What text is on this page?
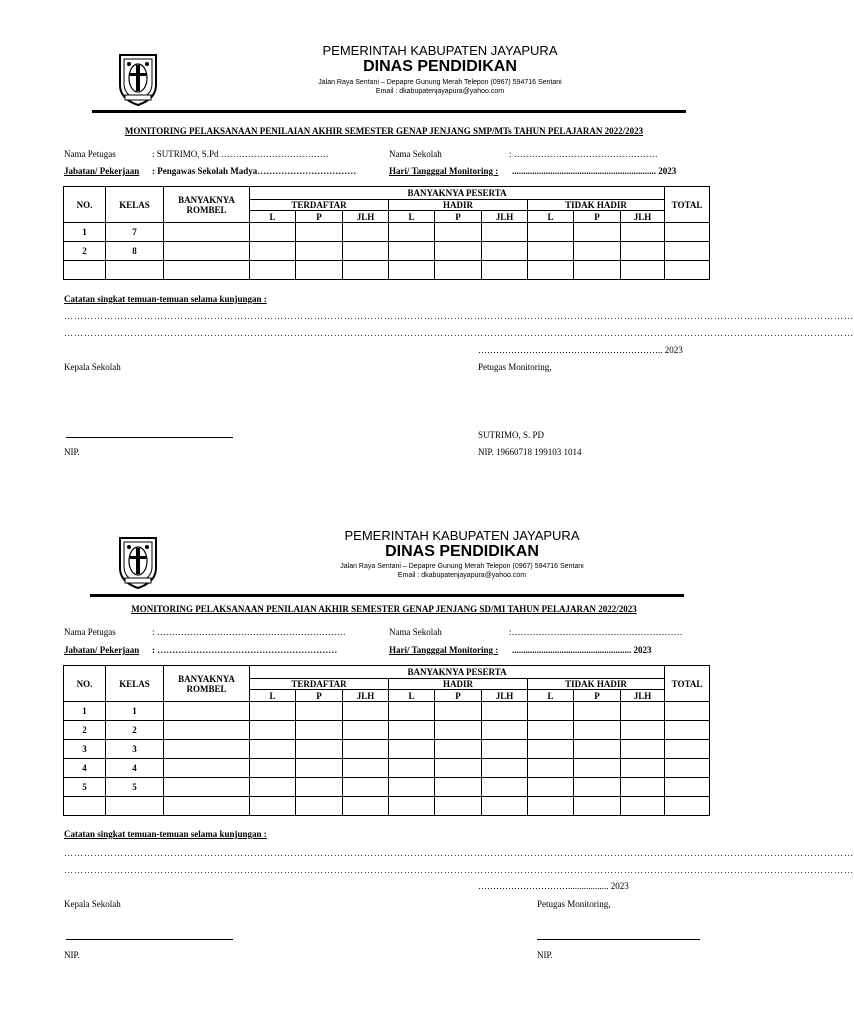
PEMERINTAH KABUPATEN JAYAPURA
DINAS PENDIDIKAN
Jalan Raya Sentani – Depapre Gunung Merah Telepon (0967) 594716 Sentani
Email : dkabupatenjayapura@yahoo.com
MONITORING PELAKSANAAN PENILAIAN AKHIR SEMESTER GENAP JENJANG SMP/MTs TAHUN PELAJARAN 2022/2023
Nama Petugas	: SUTRIMO, S.Pd ………………………………	Nama Sekolah	: …………………………………………
Jabatan/ Pekerjaan : Pengawas Sekolah Madya……………………………	Hari/ Tangggal Monitoring : ................................................................ 2023
NO.	KELAS	BANYAKNYA ROMBEL	BANYAKNYA PESERTA									TOTAL
			TERDAFTAR			HADIR			TIDAK HADIR			
			L	P	JLH	L	P	JLH	L	P	JLH	
1	7											
2	8											

Catatan singkat temuan-temuan selama kunjungan :
…………………………………………………………………………………………………………………………………………………………………………………………………………………
…………………………………………………………………………………………………………………………………………………………………………………………………………………
…………………………………………………….. 2023
Kepala Sekolah	Petugas Monitoring,
SUTRIMO, S. PD
NIP.	NIP. 19660718 199103 1014
PEMERINTAH KABUPATEN JAYAPURA
DINAS PENDIDIKAN
Jalan Raya Sentani – Depapre Gunung Merah Telepon (0967) 594716 Sentani
Email : dkabupatenjayapura@yahoo.com
MONITORING PELAKSANAAN PENILAIAN AKHIR SEMESTER GENAP JENJANG SD/MI TAHUN PELAJARAN 2022/2023
Nama Petugas	: ………………………………………………………	Nama Sekolah	:…………………………………………………
Jabatan/ Pekerjaan : ……………………………………………………	Hari/ Tangggal Monitoring : ..................................................... 2023
NO.	KELAS	BANYAKNYA ROMBEL	BANYAKNYA PESERTA									TOTAL
			TERDAFTAR			HADIR			TIDAK HADIR			
			L	P	JLH	L	P	JLH	L	P	JLH	
1	1											
2	2											
3	3											
4	4											
5	5											

Catatan singkat temuan-temuan selama kunjungan :
…………………………………………………………………………………………………………………………………………………………………………………………………………………
…………………………………………………………………………………………………………………………………………………………………………………………………………………
………………………….................. 2023
Kepala Sekolah	Petugas Monitoring,
NIP.	NIP.
